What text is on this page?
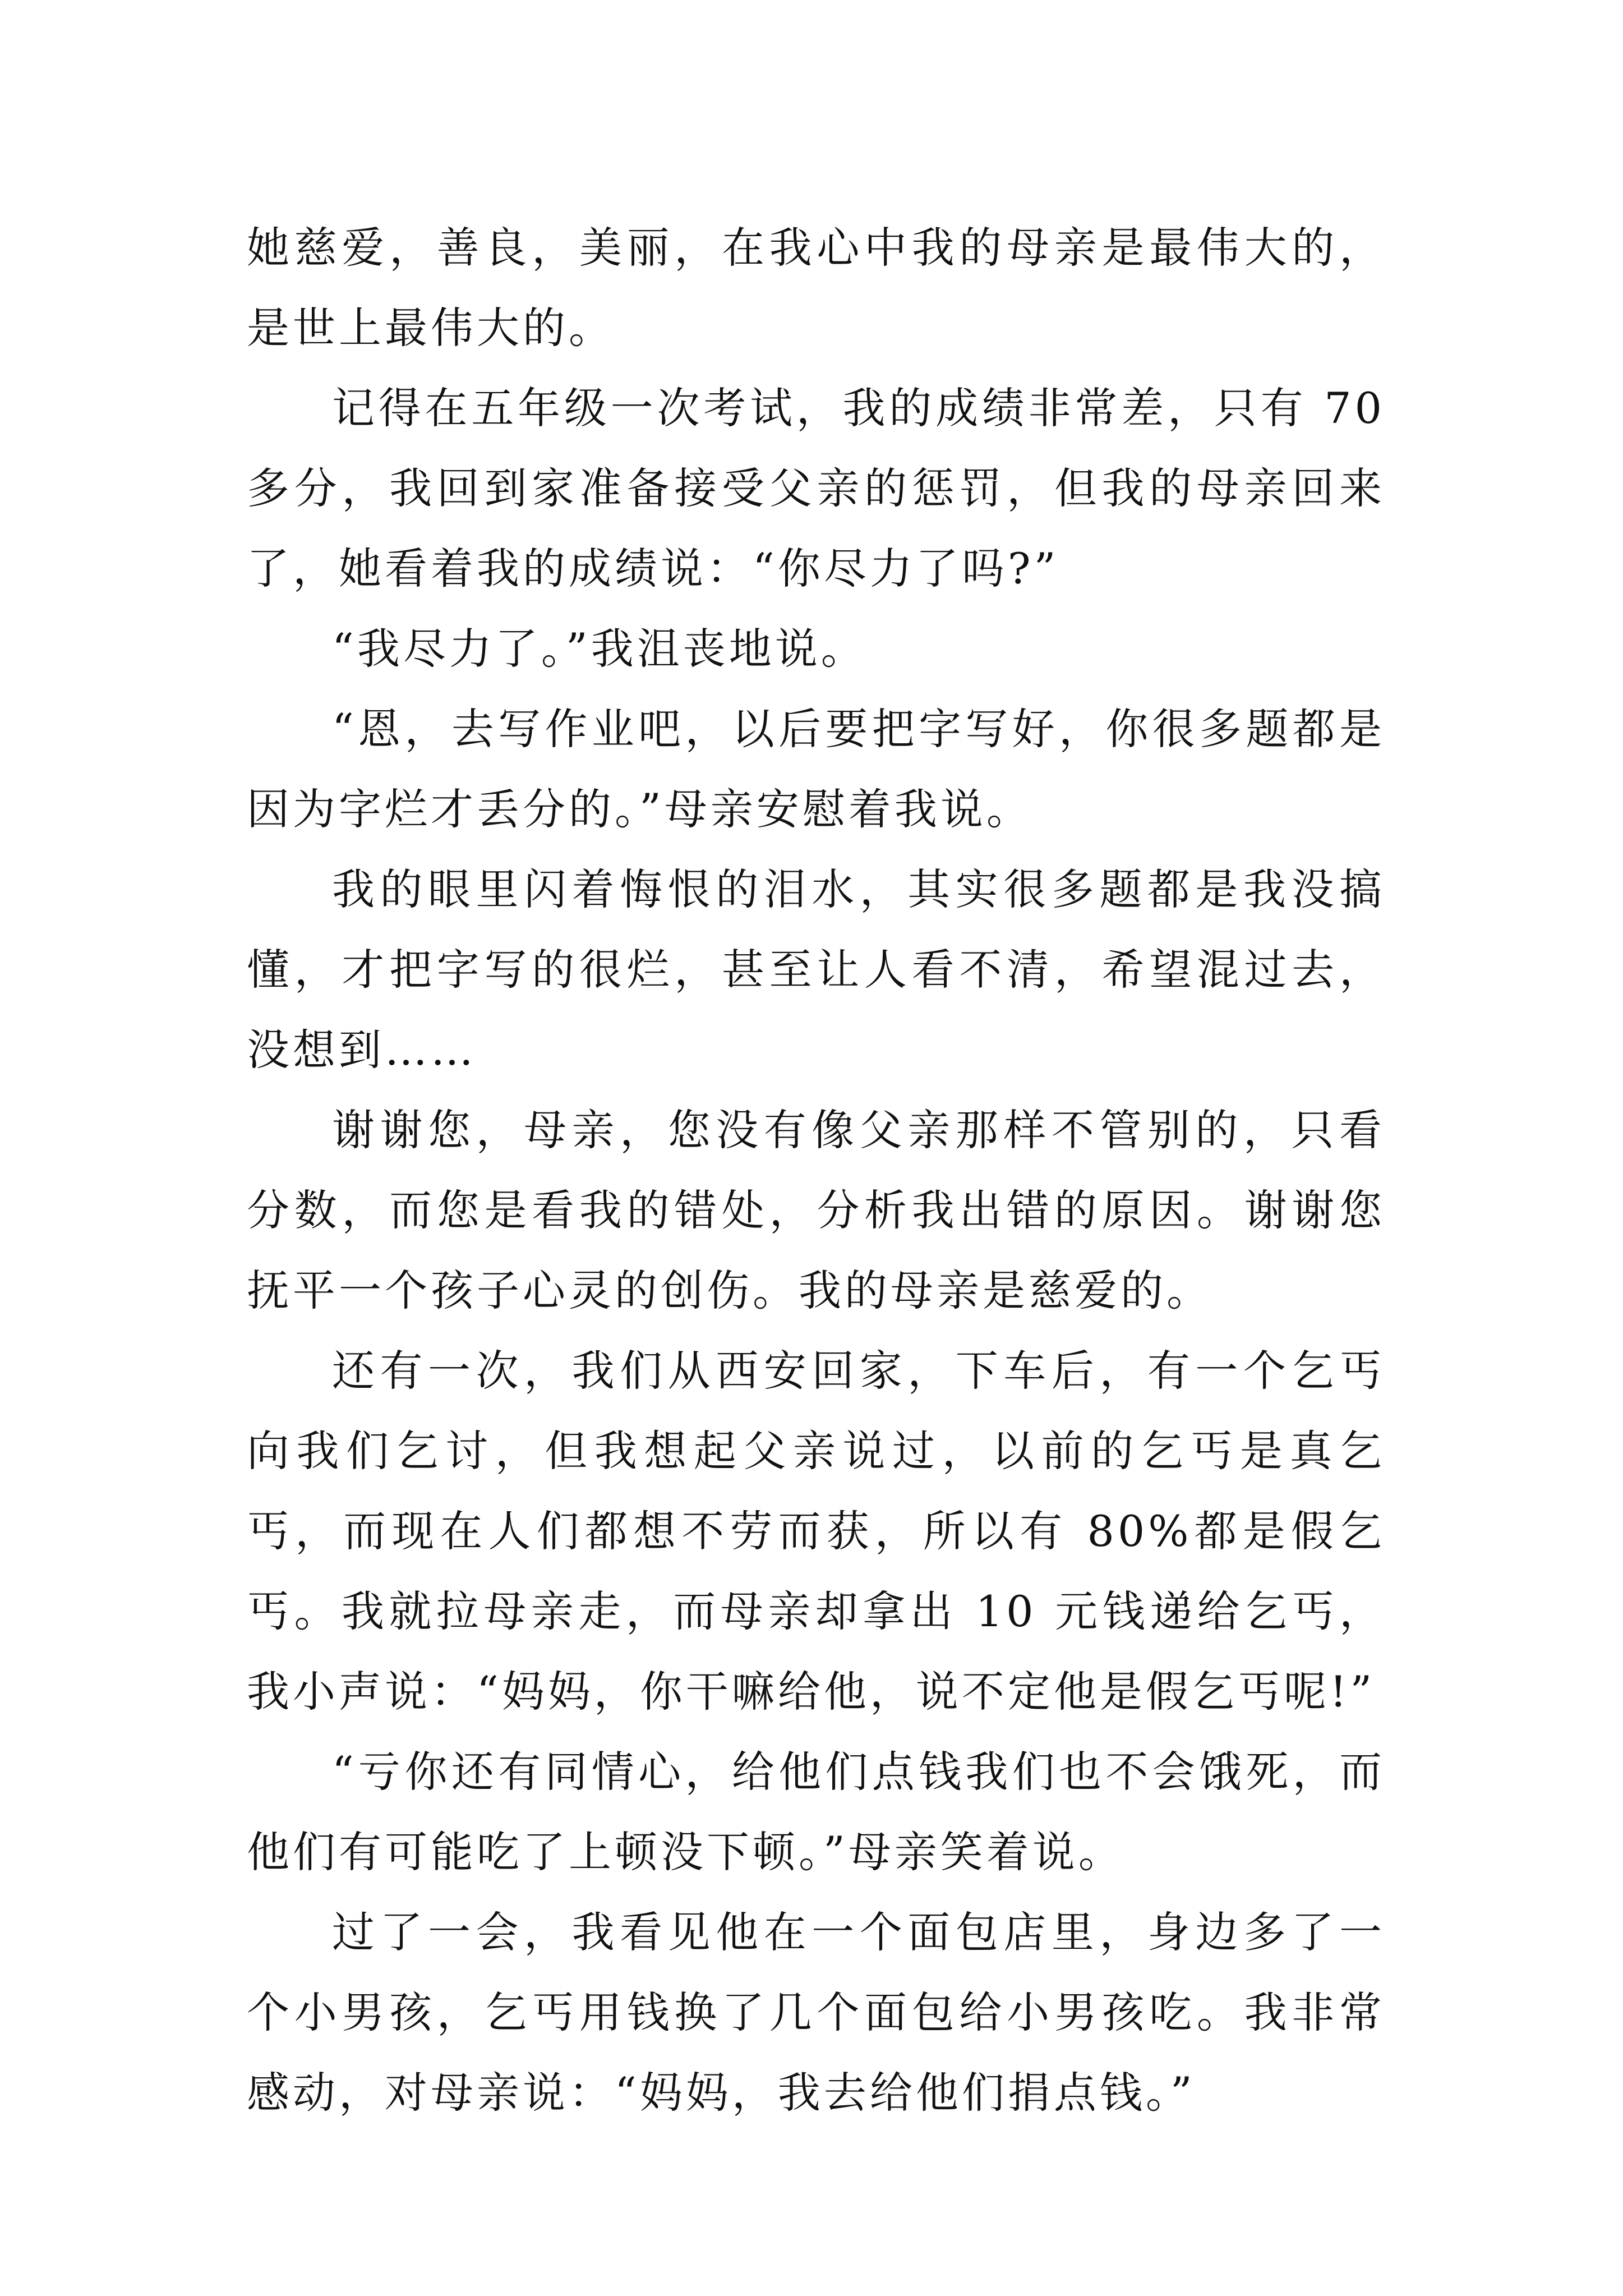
她慈爱，善良，美丽，在我心中我的母亲是最伟大的，是世上最伟大的。

记得在五年级一次考试，我的成绩非常差，只有 70 多分，我回到家准备接受父亲的惩罚，但我的母亲回来了，她看着我的成绩说：“你尽力了吗?”

“我尽力了。”我沮丧地说。

“恩，去写作业吧，以后要把字写好，你很多题都是因为字烂才丢分的。”母亲安慰着我说。

我的眼里闪着悔恨的泪水，其实很多题都是我没搞懂，才把字写的很烂，甚至让人看不清，希望混过去，没想到……

谢谢您，母亲，您没有像父亲那样不管别的，只看分数，而您是看我的错处，分析我出错的原因。谢谢您抚平一个孩子心灵的创伤。我的母亲是慈爱的。

还有一次，我们从西安回家，下车后，有一个乞丐向我们乞讨，但我想起父亲说过，以前的乞丐是真乞丐，而现在人们都想不劳而获，所以有 80%都是假乞丐。我就拉母亲走，而母亲却拿出 10 元钱递给乞丐，我小声说：“妈妈，你干嘛给他，说不定他是假乞丐呢!”

“亏你还有同情心，给他们点钱我们也不会饿死，而他们有可能吃了上顿没下顿。”母亲笑着说。

过了一会，我看见他在一个面包店里，身边多了一个小男孩，乞丐用钱换了几个面包给小男孩吃。我非常感动，对母亲说：“妈妈，我去给他们捐点钱。”
